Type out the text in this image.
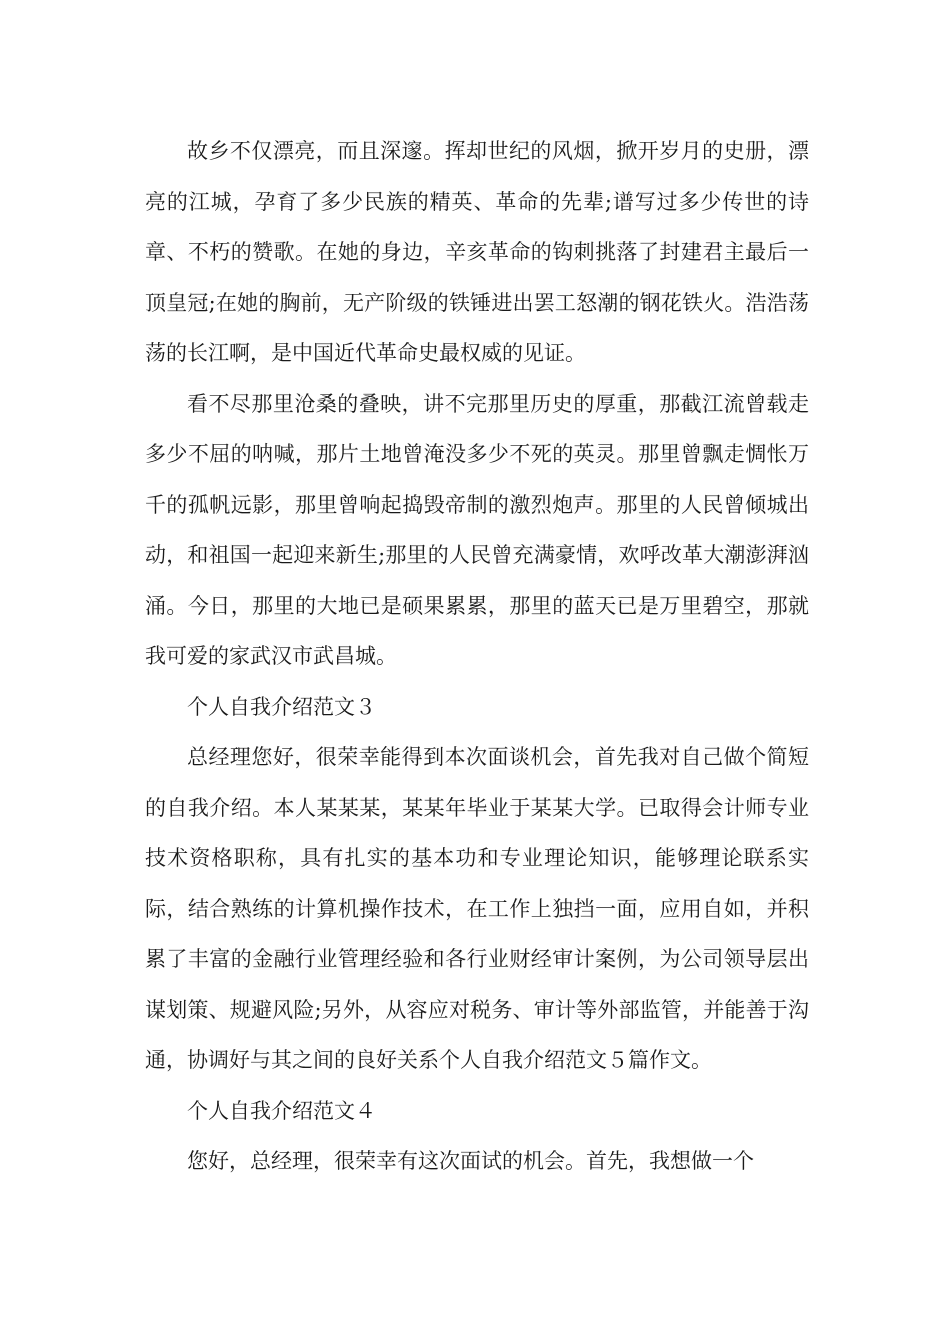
故乡不仅漂亮，而且深邃。挥却世纪的风烟，掀开岁月的史册，漂亮的江城，孕育了多少民族的精英、革命的先辈;谱写过多少传世的诗章、不朽的赞歌。在她的身边，辛亥革命的钩刺挑落了封建君主最后一顶皇冠;在她的胸前，无产阶级的铁锤进出罢工怒潮的钢花铁火。浩浩荡荡的长江啊，是中国近代革命史最权威的见证。

看不尽那里沧桑的叠映，讲不完那里历史的厚重，那截江流曾载走多少不屈的呐喊，那片土地曾淹没多少不死的英灵。那里曾飘走惆怅万千的孤帆远影，那里曾响起捣毁帝制的激烈炮声。那里的人民曾倾城出动，和祖国一起迎来新生;那里的人民曾充满豪情，欢呼改革大潮澎湃汹涌。今日，那里的大地已是硕果累累，那里的蓝天已是万里碧空，那就我可爱的家武汉市武昌城。

个人自我介绍范文３

总经理您好，很荣幸能得到本次面谈机会，首先我对自己做个简短的自我介绍。本人某某某，某某年毕业于某某大学。已取得会计师专业技术资格职称，具有扎实的基本功和专业理论知识，能够理论联系实际，结合熟练的计算机操作技术，在工作上独挡一面，应用自如，并积累了丰富的金融行业管理经验和各行业财经审计案例，为公司领导层出谋划策、规避风险;另外，从容应对税务、审计等外部监管，并能善于沟通，协调好与其之间的良好关系个人自我介绍范文５篇作文。

个人自我介绍范文４

您好，总经理，很荣幸有这次面试的机会。首先，我想做一个
